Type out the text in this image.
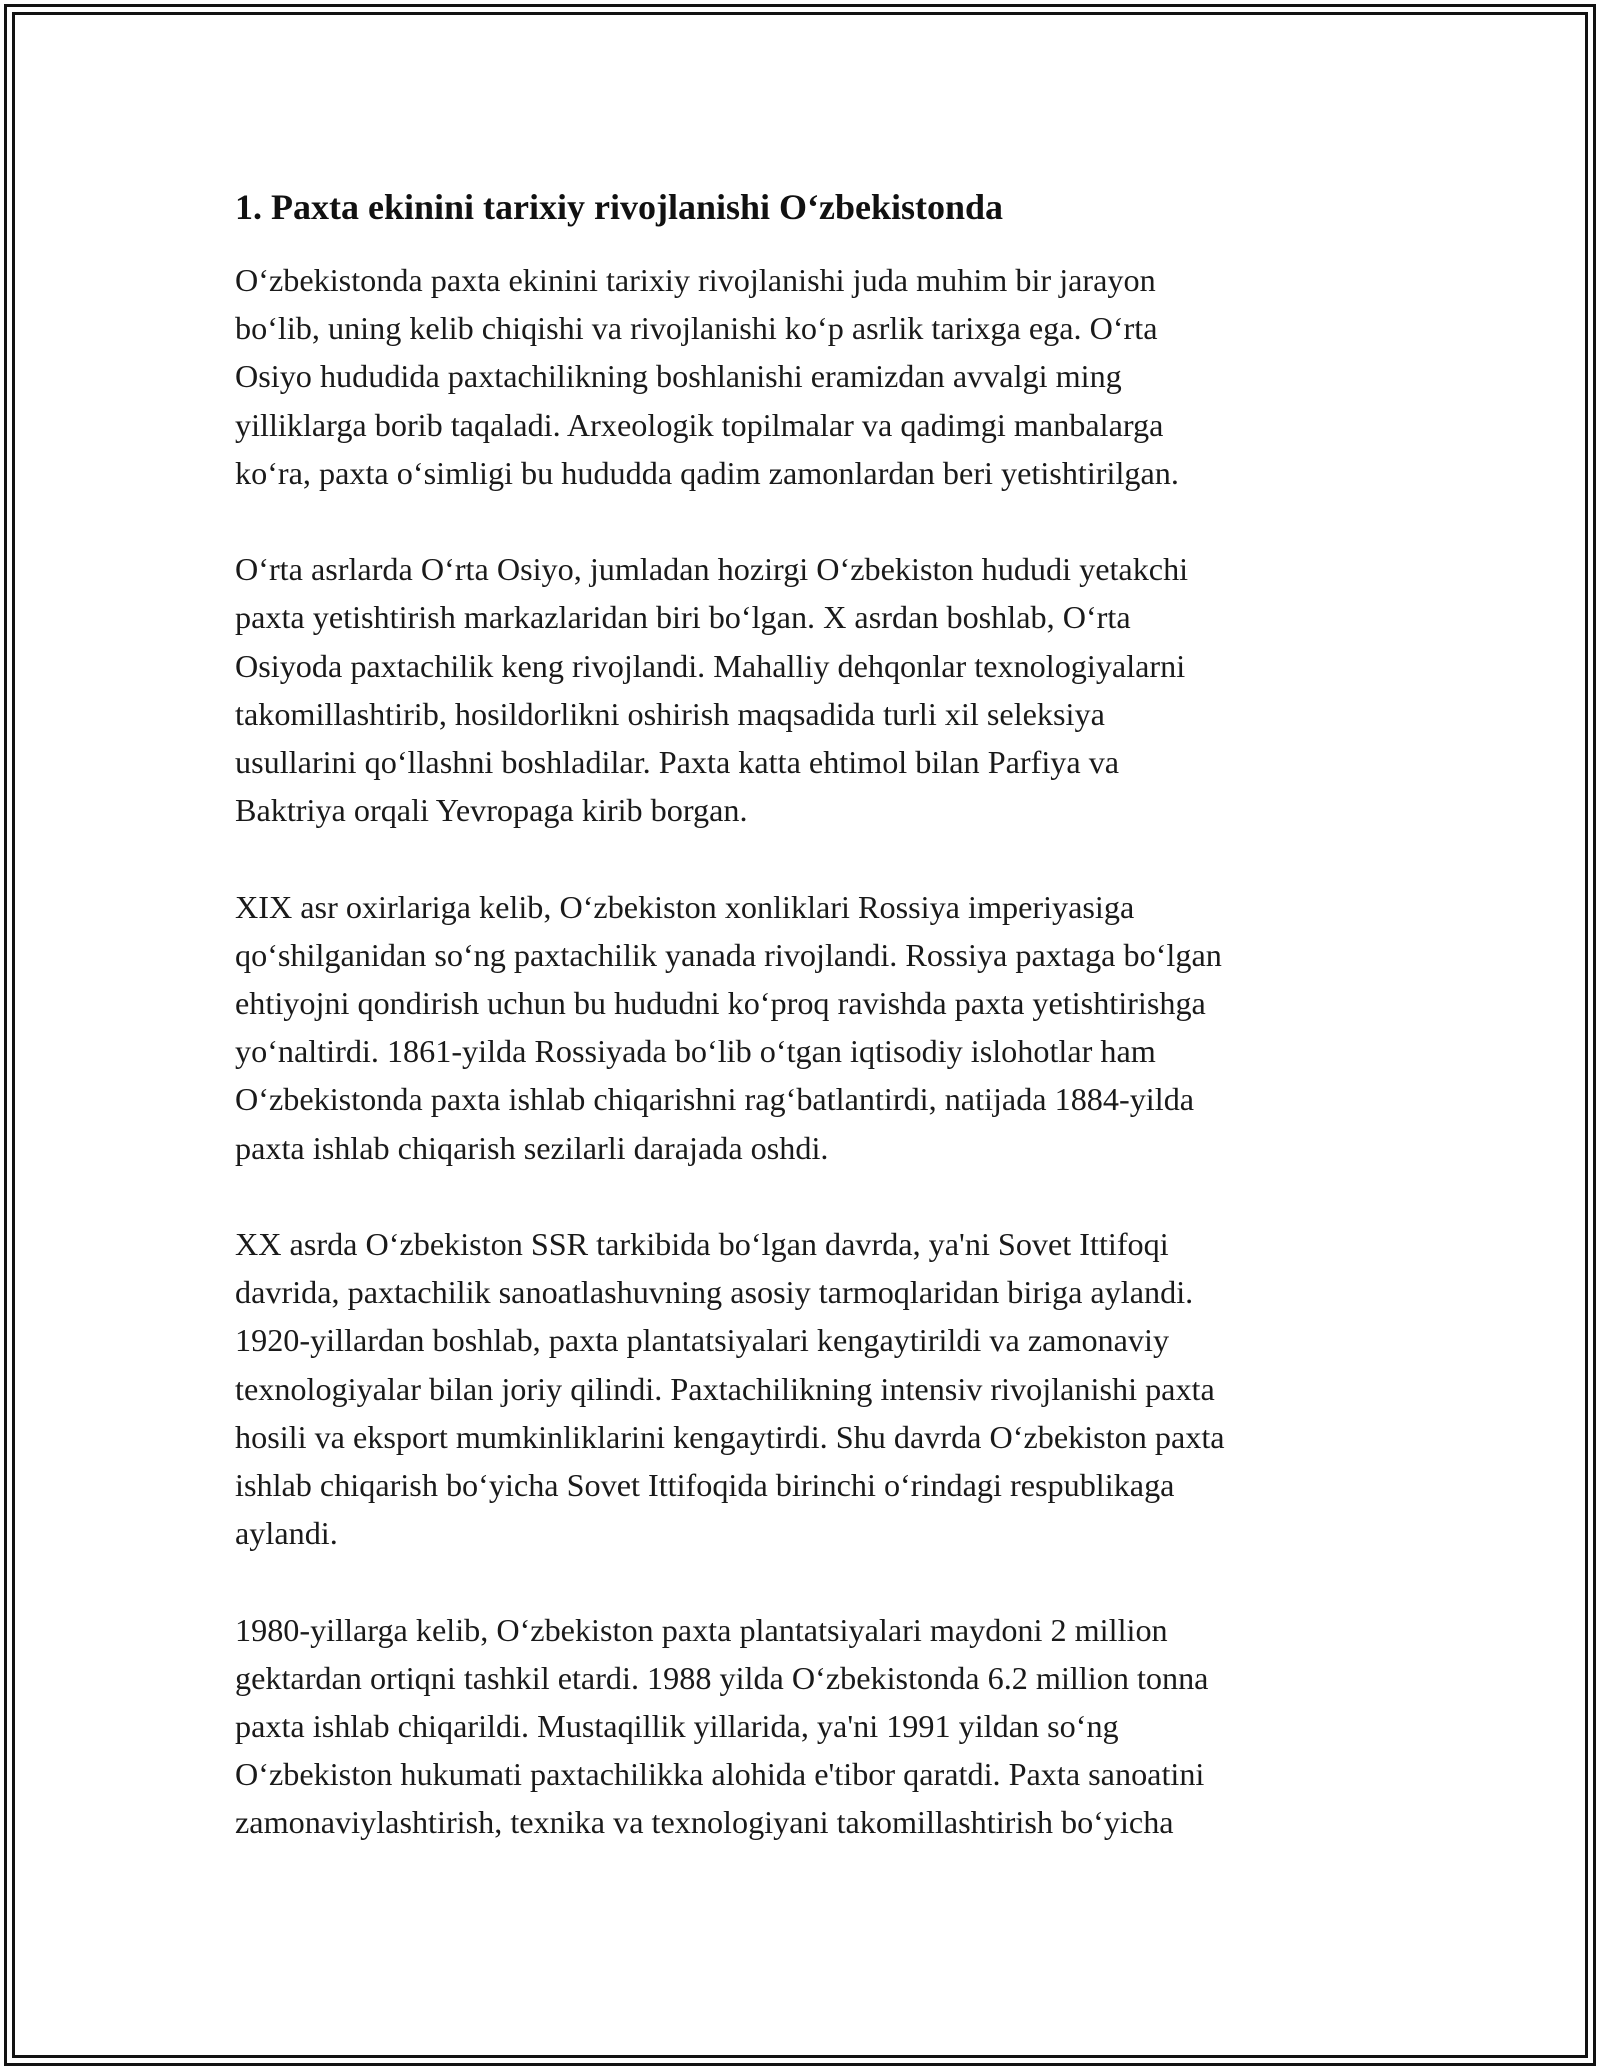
1. Paxta ekinini tarixiy rivojlanishi O‘zbekistonda

O‘zbekistonda paxta ekinini tarixiy rivojlanishi juda muhim bir jarayon
bo‘lib, uning kelib chiqishi va rivojlanishi ko‘p asrlik tarixga ega. O‘rta
Osiyo hududida paxtachilikning boshlanishi eramizdan avvalgi ming
yilliklarga borib taqaladi. Arxeologik topilmalar va qadimgi manbalarga
ko‘ra, paxta o‘simligi bu hududda qadim zamonlardan beri yetishtirilgan.

O‘rta asrlarda O‘rta Osiyo, jumladan hozirgi O‘zbekiston hududi yetakchi
paxta yetishtirish markazlaridan biri bo‘lgan. X asrdan boshlab, O‘rta
Osiyoda paxtachilik keng rivojlandi. Mahalliy dehqonlar texnologiyalarni
takomillashtirib, hosildorlikni oshirish maqsadida turli xil seleksiya
usullarini qo‘llashni boshladilar. Paxta katta ehtimol bilan Parfiya va
Baktriya orqali Yevropaga kirib borgan.

XIX asr oxirlariga kelib, O‘zbekiston xonliklari Rossiya imperiyasiga
qo‘shilganidan so‘ng paxtachilik yanada rivojlandi. Rossiya paxtaga bo‘lgan
ehtiyojni qondirish uchun bu hududni ko‘proq ravishda paxta yetishtirishga
yo‘naltirdi. 1861-yilda Rossiyada bo‘lib o‘tgan iqtisodiy islohotlar ham
O‘zbekistonda paxta ishlab chiqarishni rag‘batlantirdi, natijada 1884-yilda
paxta ishlab chiqarish sezilarli darajada oshdi.

XX asrda O‘zbekiston SSR tarkibida bo‘lgan davrda, ya'ni Sovet Ittifoqi
davrida, paxtachilik sanoatlashuvning asosiy tarmoqlaridan biriga aylandi.
1920-yillardan boshlab, paxta plantatsiyalari kengaytirildi va zamonaviy
texnologiyalar bilan joriy qilindi. Paxtachilikning intensiv rivojlanishi paxta
hosili va eksport mumkinliklarini kengaytirdi. Shu davrda O‘zbekiston paxta
ishlab chiqarish bo‘yicha Sovet Ittifoqida birinchi o‘rindagi respublikaga
aylandi.

1980-yillarga kelib, O‘zbekiston paxta plantatsiyalari maydoni 2 million
gektardan ortiqni tashkil etardi. 1988 yilda O‘zbekistonda 6.2 million tonna
paxta ishlab chiqarildi. Mustaqillik yillarida, ya'ni 1991 yildan so‘ng
O‘zbekiston hukumati paxtachilikka alohida e'tibor qaratdi. Paxta sanoatini
zamonaviylashtirish, texnika va texnologiyani takomillashtirish bo‘yicha
